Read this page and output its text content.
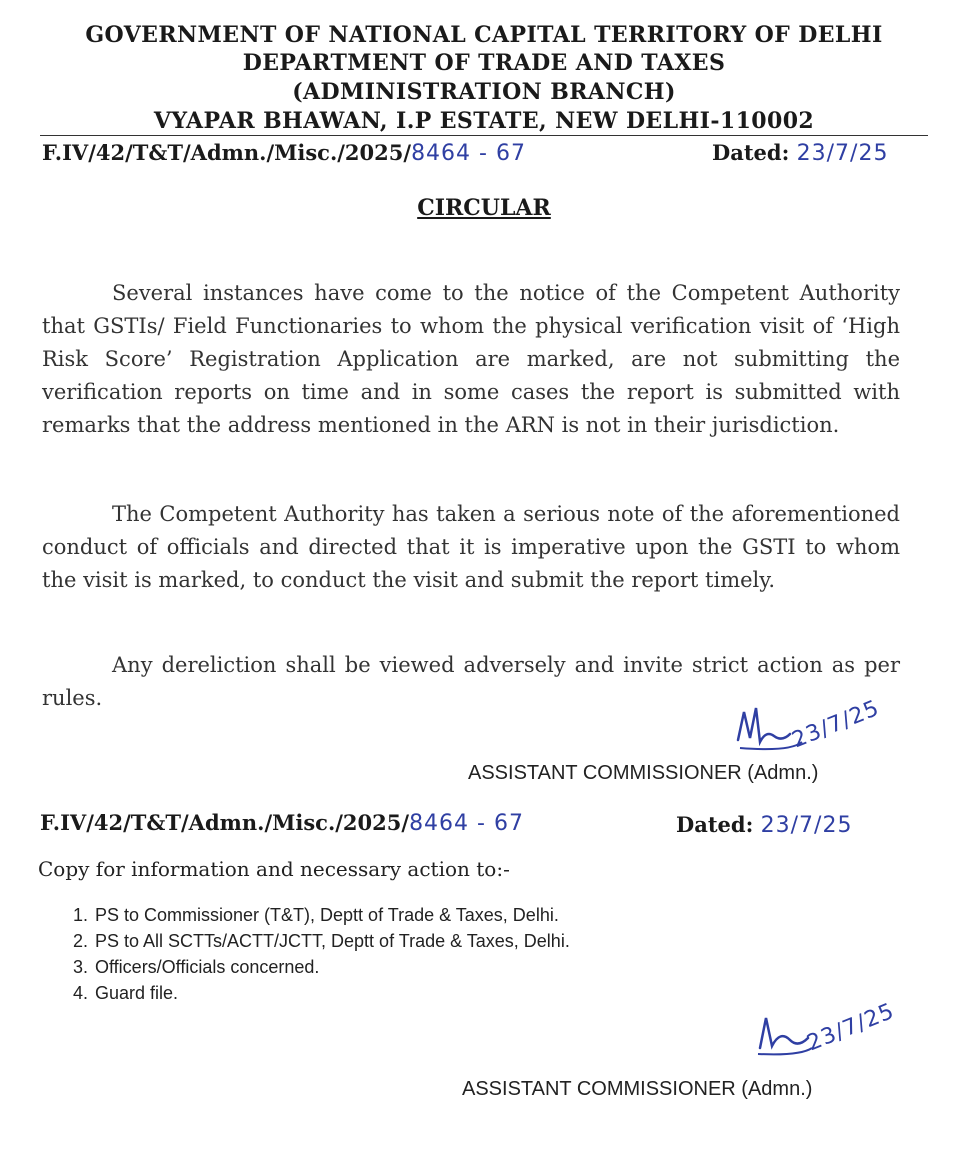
GOVERNMENT OF NATIONAL CAPITAL TERRITORY OF DELHI
DEPARTMENT OF TRADE AND TAXES
(ADMINISTRATION BRANCH)
VYAPAR BHAWAN, I.P ESTATE, NEW DELHI-110002
F.IV/42/T&T/Admn./Misc./2025/8464 - 67	Dated: 23/7/25
CIRCULAR
Several instances have come to the notice of the Competent Authority that GSTIs/ Field Functionaries to whom the physical verification visit of ‘High Risk Score’ Registration Application are marked, are not submitting the verification reports on time and in some cases the report is submitted with remarks that the address mentioned in the ARN is not in their jurisdiction.
The Competent Authority has taken a serious note of the aforementioned conduct of officials and directed that it is imperative upon the GSTI to whom the visit is marked, to conduct the visit and submit the report timely.
Any dereliction shall be viewed adversely and invite strict action as per rules.	23/7/25
ASSISTANT COMMISSIONER (Admn.)
F.IV/42/T&T/Admn./Misc./2025/8464 - 67	Dated: 23/7/25
Copy for information and necessary action to:-
1. PS to Commissioner (T&T), Deptt of Trade & Taxes, Delhi.
2. PS to All SCTTs/ACTT/JCTT, Deptt of Trade & Taxes, Delhi.
3. Officers/Officials concerned.
4. Guard file.
23/7/25
ASSISTANT COMMISSIONER (Admn.)
